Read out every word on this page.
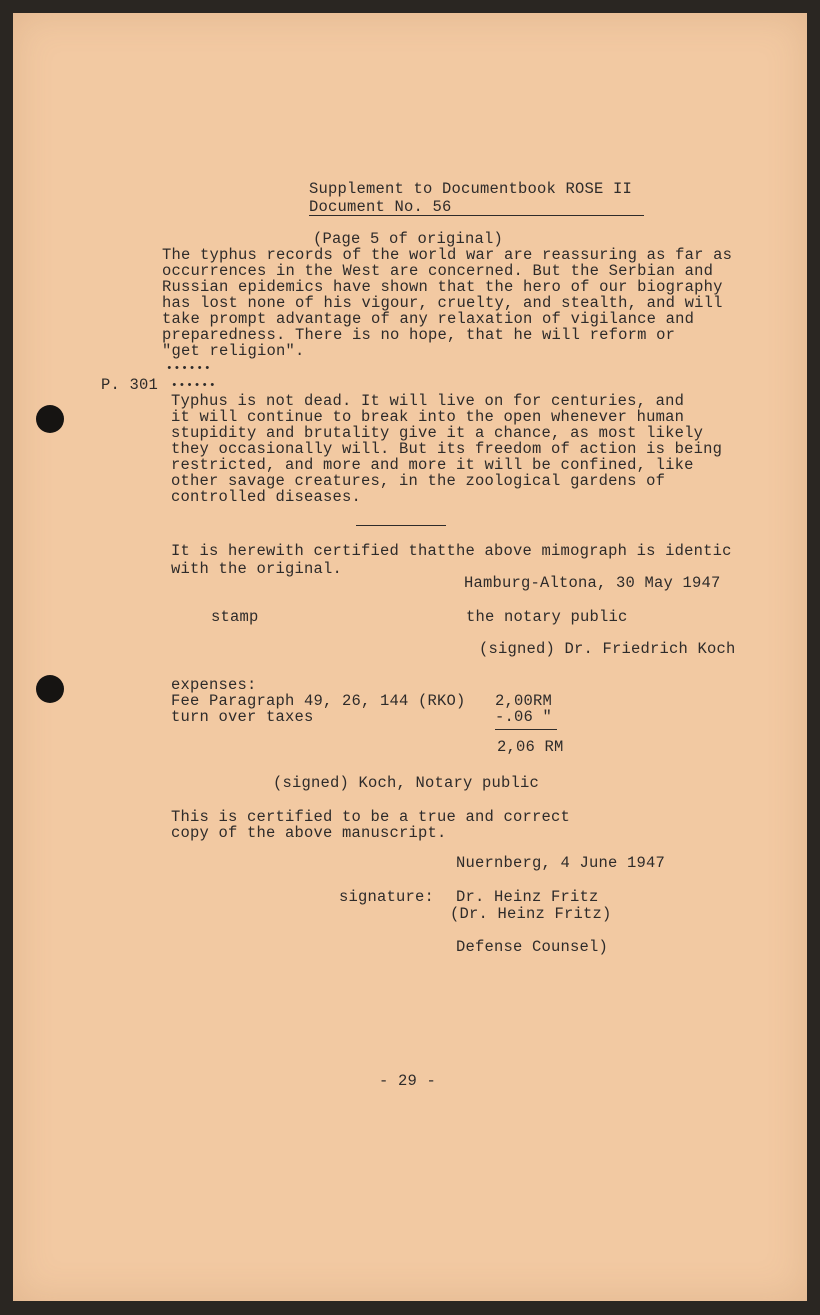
Supplement to Documentbook ROSE II
Document No. 56
(Page 5 of original)
The typhus records of the world war are reassuring as far as
occurrences in the West are concerned. But the Serbian and
Russian epidemics have shown that the hero of our biography
has lost none of his vigour, cruelty, and stealth, and will
take prompt advantage of any relaxation of vigilance and
preparedness. There is no hope, that he will reform or
"get religion".
••••••
P. 301 ••••••
Typhus is not dead. It will live on for centuries, and
it will continue to break into the open whenever human
stupidity and brutality give it a chance, as most likely
they occasionally will. But its freedom of action is being
restricted, and more and more it will be confined, like
other savage creatures, in the zoological gardens of
controlled diseases.
It is herewith certified thatthe above mimograph is identic
with the original.
Hamburg-Altona, 30 May 1947
stamp	the notary public
(signed) Dr. Friedrich Koch
expenses:
Fee Paragraph 49, 26, 144 (RKO) 2,00RM
turn over taxes	-.06 "
2,06 RM
(signed) Koch, Notary public
This is certified to be a true and correct
copy of the above manuscript.
Nuernberg, 4 June 1947
signature: Dr. Heinz Fritz
(Dr. Heinz Fritz)
Defense Counsel)
- 29 -
